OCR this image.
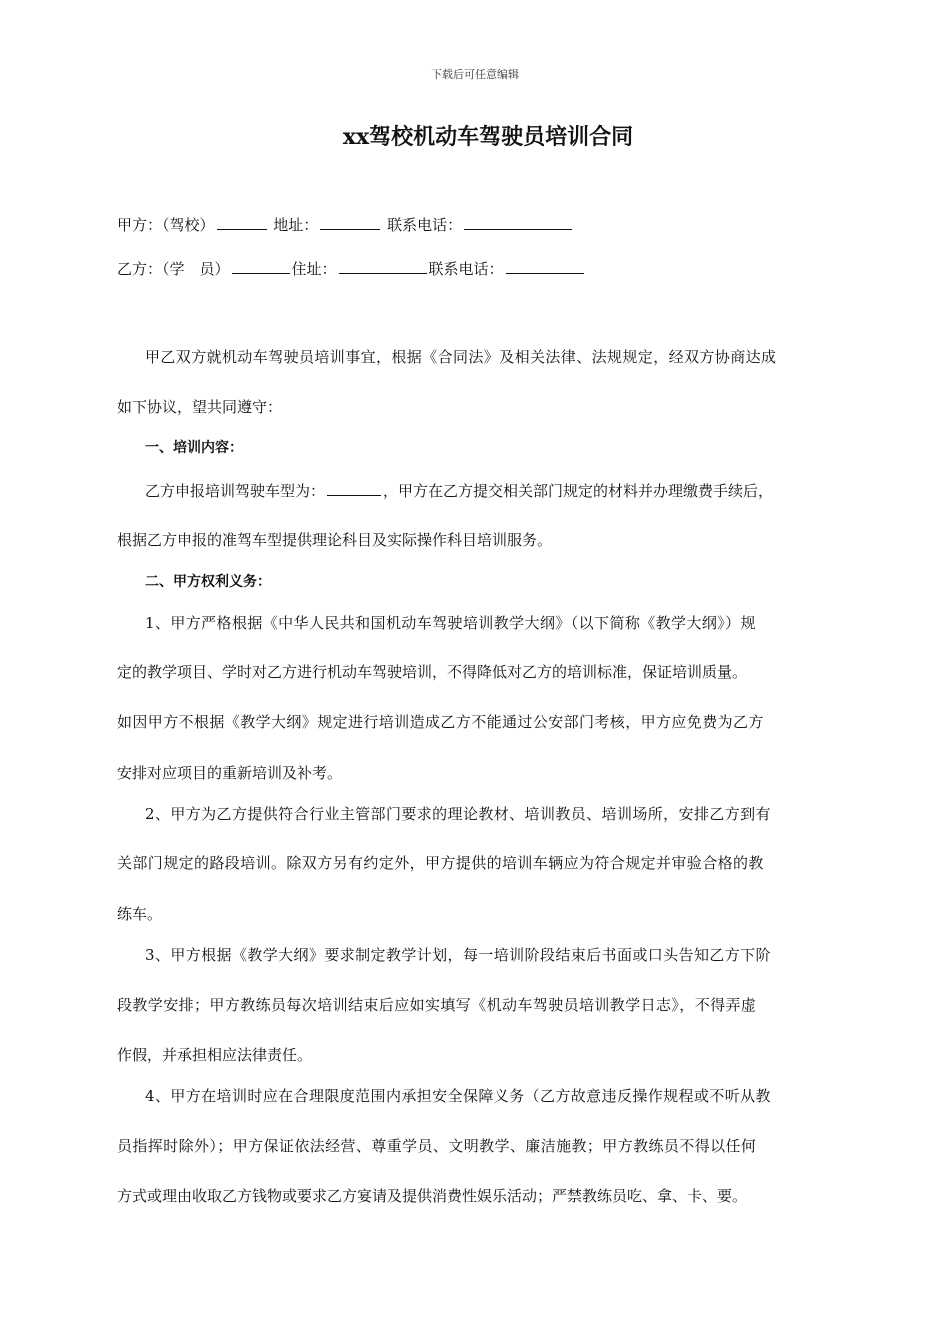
下载后可任意编辑
xx驾校机动车驾驶员培训合同
甲方：（驾校）	地址：	联系电话：
乙方：（学　员）	住址：	联系电话：
甲乙双方就机动车驾驶员培训事宜，根据《合同法》及相关法律、法规规定，经双方协商达成
如下协议，望共同遵守：
一、培训内容：
乙方申报培训驾驶车型为：	，甲方在乙方提交相关部门规定的材料并办理缴费手续后，
根据乙方申报的准驾车型提供理论科目及实际操作科目培训服务。
二、甲方权利义务：
1、甲方严格根据《中华人民共和国机动车驾驶培训教学大纲》（以下简称《教学大纲》）规
定的教学项目、学时对乙方进行机动车驾驶培训，不得降低对乙方的培训标准，保证培训质量。
如因甲方不根据《教学大纲》规定进行培训造成乙方不能通过公安部门考核，甲方应免费为乙方
安排对应项目的重新培训及补考。
2、甲方为乙方提供符合行业主管部门要求的理论教材、培训教员、培训场所，安排乙方到有
关部门规定的路段培训。除双方另有约定外，甲方提供的培训车辆应为符合规定并审验合格的教
练车。
3、甲方根据《教学大纲》要求制定教学计划，每一培训阶段结束后书面或口头告知乙方下阶
段教学安排；甲方教练员每次培训结束后应如实填写《机动车驾驶员培训教学日志》，不得弄虚
作假，并承担相应法律责任。
4、甲方在培训时应在合理限度范围内承担安全保障义务（乙方故意违反操作规程或不听从教
员指挥时除外）；甲方保证依法经营、尊重学员、文明教学、廉洁施教；甲方教练员不得以任何
方式或理由收取乙方钱物或要求乙方宴请及提供消费性娱乐活动；严禁教练员吃、拿、卡、要。
